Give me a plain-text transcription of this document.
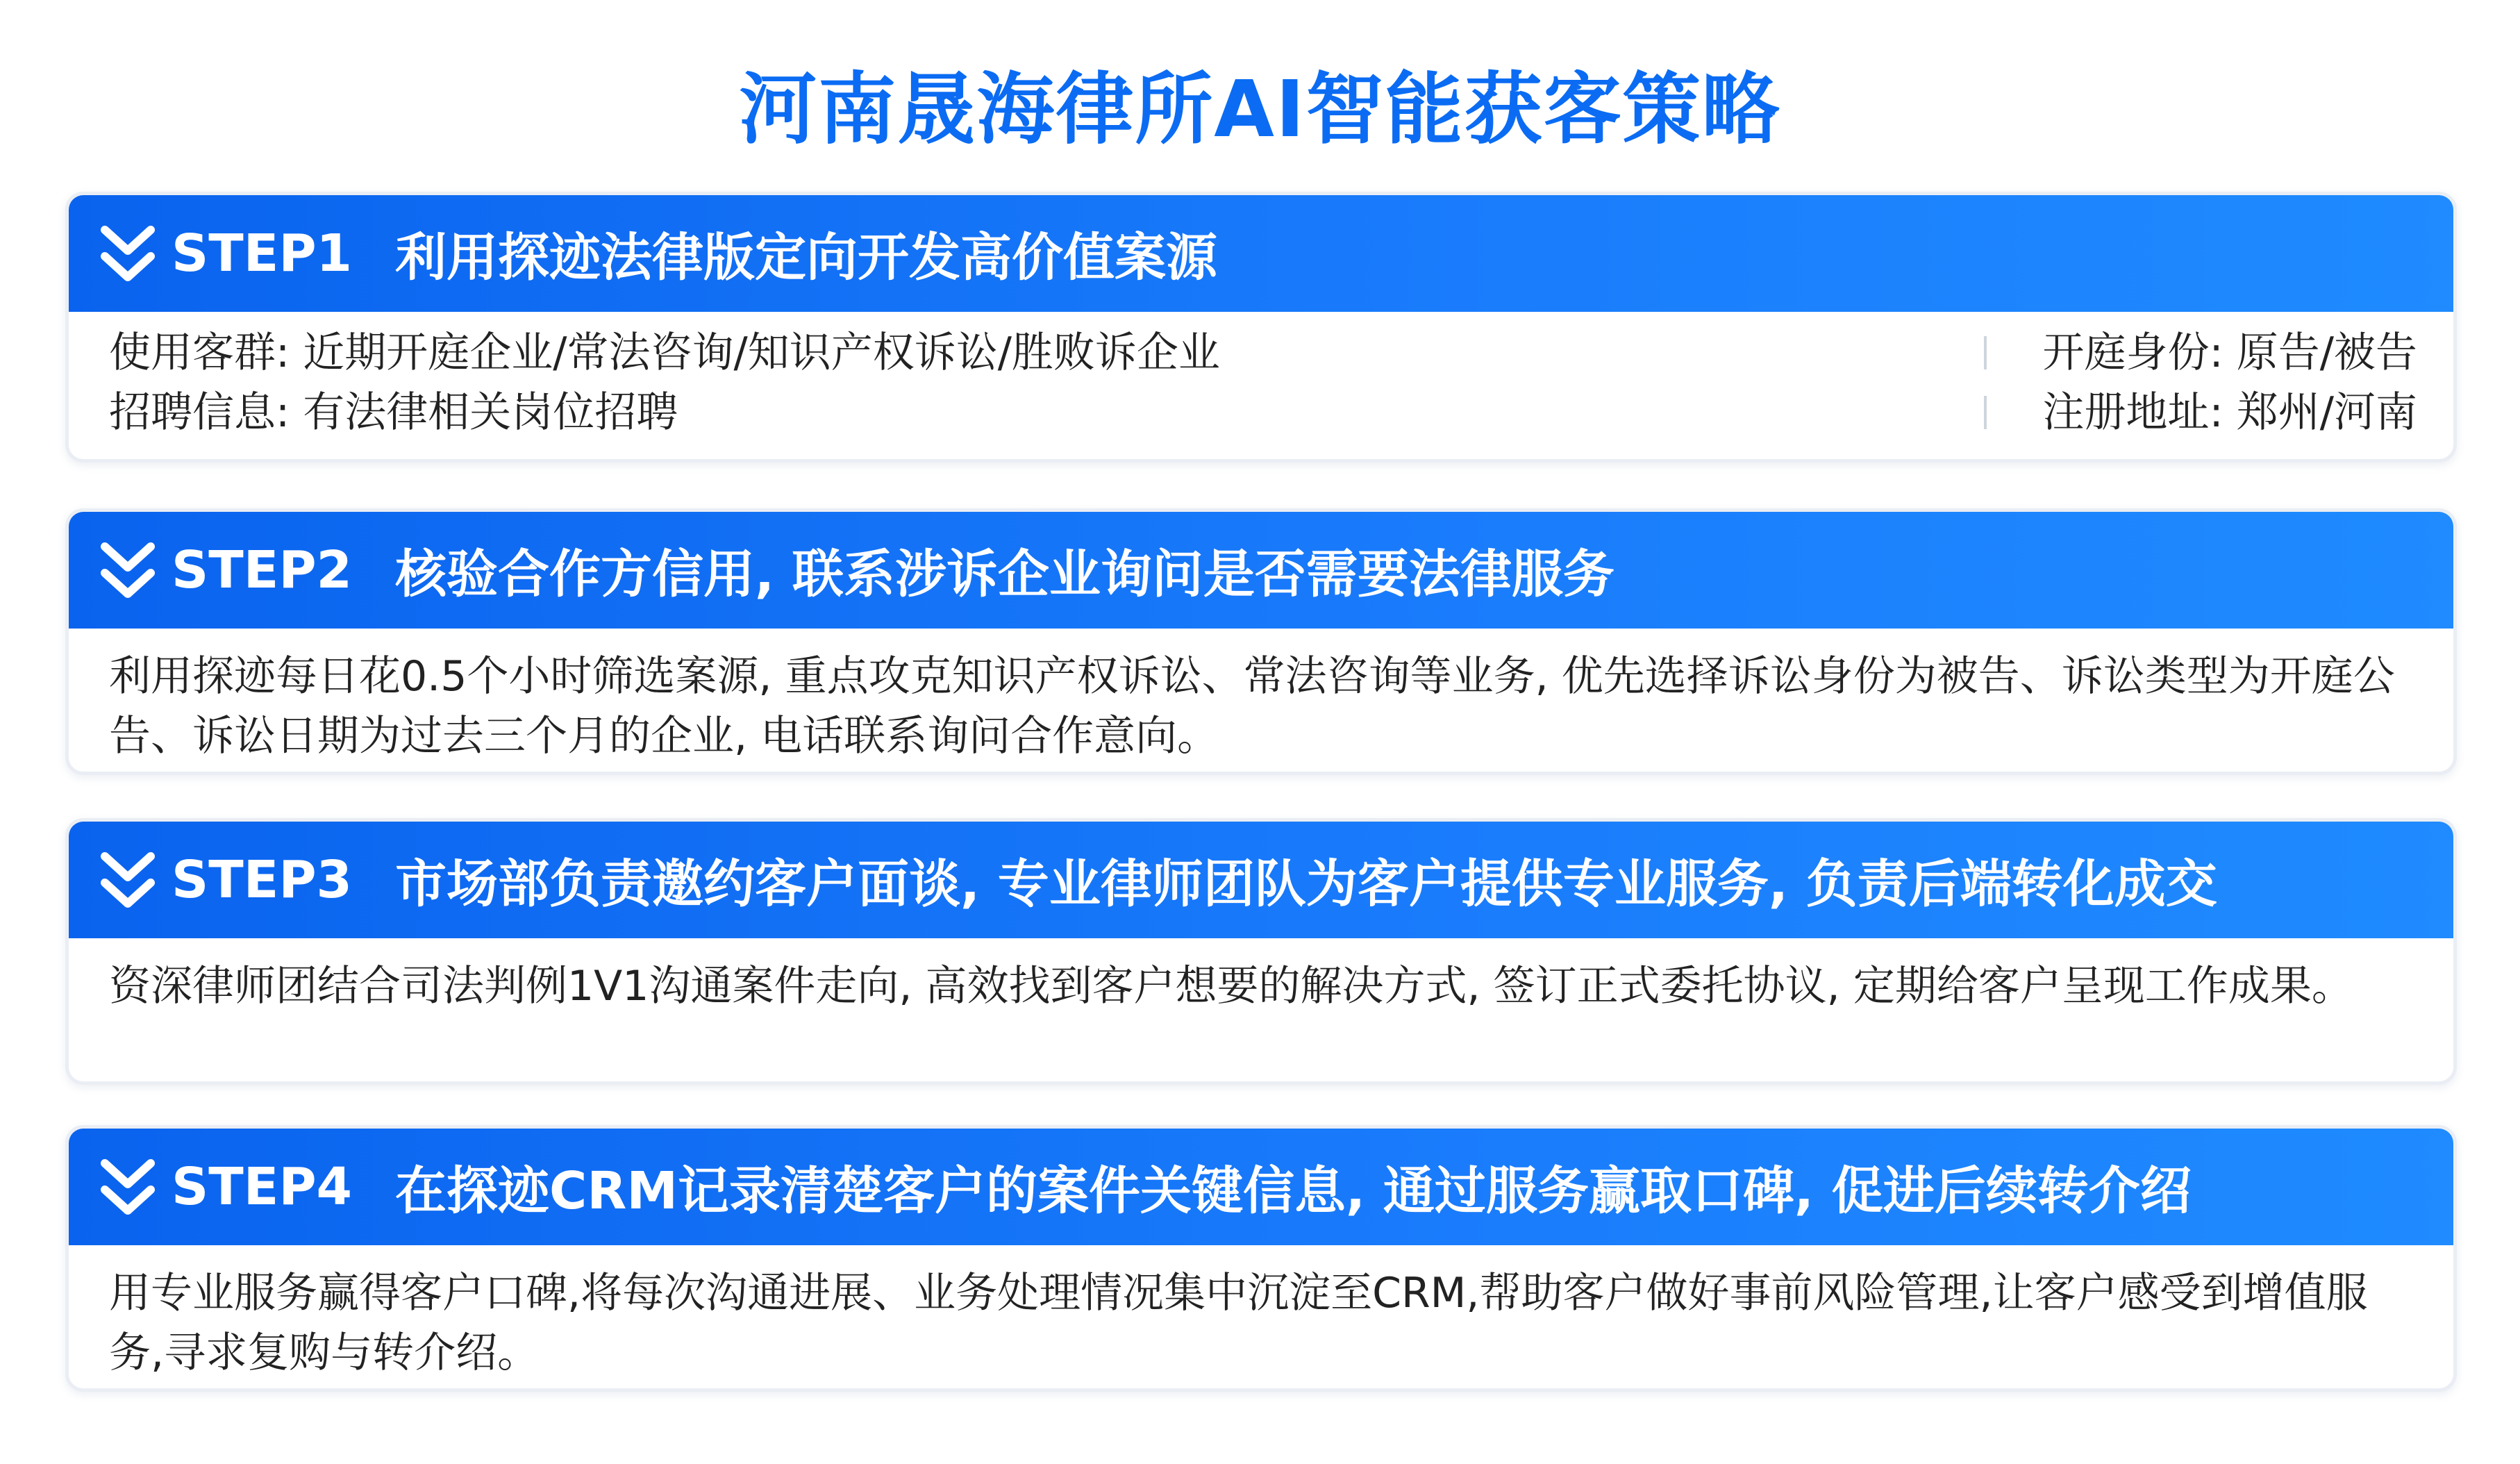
河南晟海律所AI智能获客策略
STEP1 利用探迹法律版定向开发高价值案源
使用客群: 近期开庭企业/常法咨询/知识产权诉讼/胜败诉企业	开庭身份: 原告/被告
招聘信息: 有法律相关岗位招聘	注册地址: 郑州/河南
STEP2 核验合作方信用, 联系涉诉企业询问是否需要法律服务

利用探迹每日花0.5个小时筛选案源, 重点攻克知识产权诉讼、常法咨询等业务, 优先选择诉讼身份为被告、诉讼类型为开庭公告、诉讼日期为过去三个月的企业, 电话联系询问合作意向。

STEP3 市场部负责邀约客户面谈, 专业律师团队为客户提供专业服务, 负责后端转化成交

资深律师团结合司法判例1V1沟通案件走向, 高效找到客户想要的解决方式, 签订正式委托协议, 定期给客户呈现工作成果。

STEP4 在探迹CRM记录清楚客户的案件关键信息, 通过服务赢取口碑, 促进后续转介绍

用专业服务赢得客户口碑,将每次沟通进展、业务处理情况集中沉淀至CRM,帮助客户做好事前风险管理,让客户感受到增值服务,寻求复购与转介绍。
